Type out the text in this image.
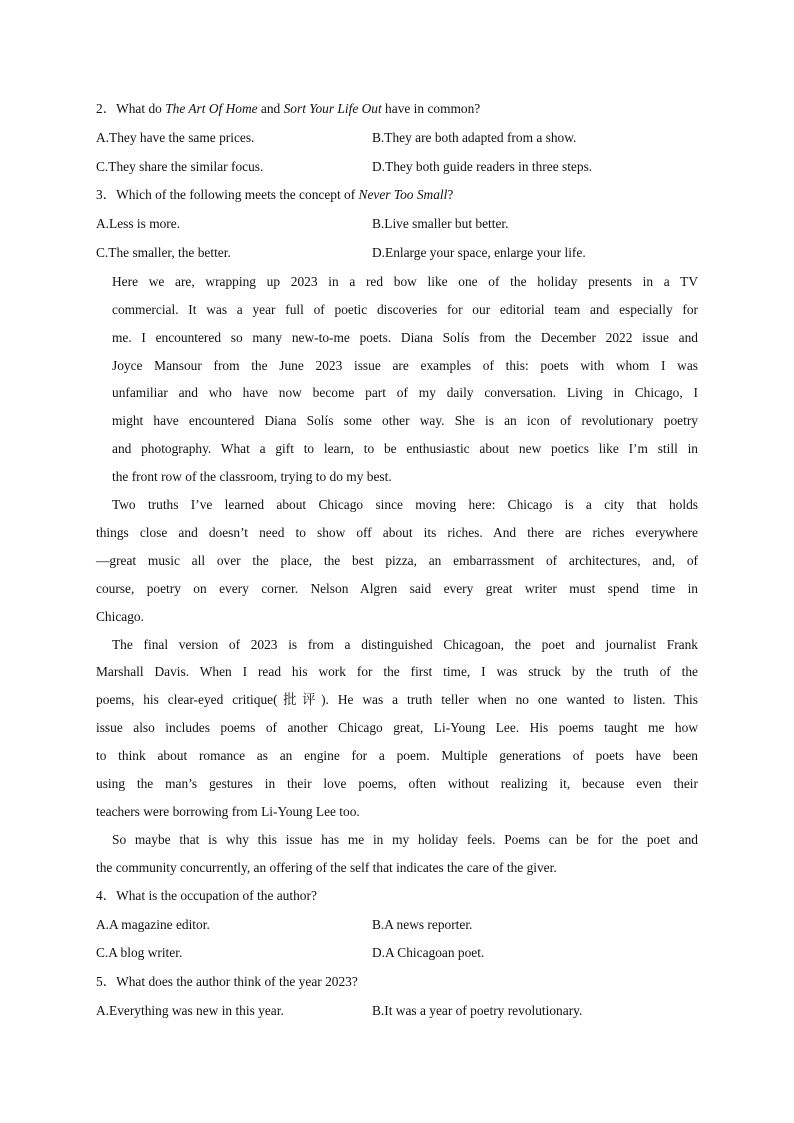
2．What do The Art Of Home and Sort Your Life Out have in common?
A.They have the same prices.	B.They are both adapted from a show.
C.They share the similar focus.	D.They both guide readers in three steps.
3．Which of the following meets the concept of Never Too Small?
A.Less is more.	B.Live smaller but better.
C.The smaller, the better.	D.Enlarge your space, enlarge your life.

Here we are, wrapping up 2023 in a red bow like one of the holiday presents in a TV
commercial. It was a year full of poetic discoveries for our editorial team and especially for
me. I encountered so many new-to-me poets. Diana Solís from the December 2022 issue and
Joyce Mansour from the June 2023 issue are examples of this: poets with whom I was
unfamiliar and who have now become part of my daily conversation. Living in Chicago, I
might have encountered Diana Solís some other way. She is an icon of revolutionary poetry
and photography. What a gift to learn, to be enthusiastic about new poetics like I’m still in
the front row of the classroom, trying to do my best.

Two truths I’ve learned about Chicago since moving here: Chicago is a city that holds
things close and doesn’t need to show off about its riches. And there are riches everywhere
—great music all over the place, the best pizza, an embarrassment of architectures, and, of
course, poetry on every corner. Nelson Algren said every great writer must spend time in
Chicago.

The final version of 2023 is from a distinguished Chicagoan, the poet and journalist Frank
Marshall Davis. When I read his work for the first time, I was struck by the truth of the
poems, his clear-eyed critique(批评). He was a truth teller when no one wanted to listen. This
issue also includes poems of another Chicago great, Li-Young Lee. His poems taught me how
to think about romance as an engine for a poem. Multiple generations of poets have been
using the man’s gestures in their love poems, often without realizing it, because even their
teachers were borrowing from Li-Young Lee too.

So maybe that is why this issue has me in my holiday feels. Poems can be for the poet and
the community concurrently, an offering of the self that indicates the care of the giver.

4．What is the occupation of the author?
A.A magazine editor.	B.A news reporter.
C.A blog writer.	D.A Chicagoan poet.
5．What does the author think of the year 2023?
A.Everything was new in this year.	B.It was a year of poetry revolutionary.
